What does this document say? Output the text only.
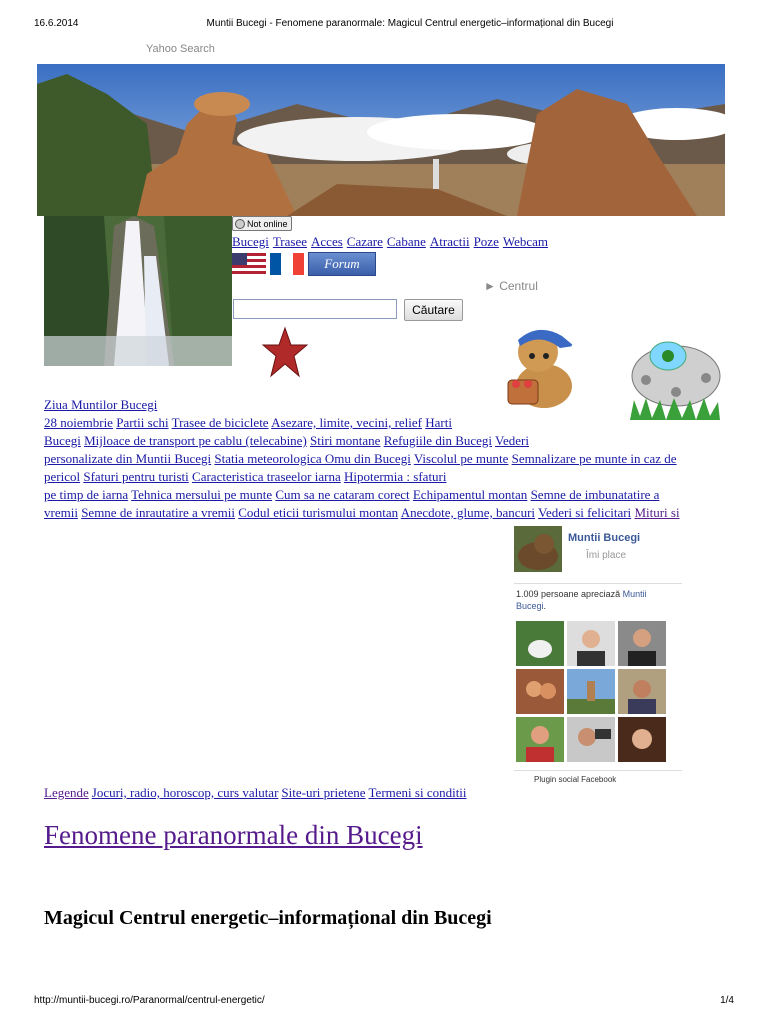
16.6.2014	Muntii Bucegi - Fenomene paranormale: Magicul Centrul energetic–informațional din Bucegi
Yahoo Search
Not online
Bucegi Trasee Acces Cazare Cabane Atractii Poze Webcam
Forum
► Centrul
Căutare
Ziua Muntilor Bucegi
28 noiembrie Partii schi Trasee de biciclete Asezare, limite, vecini, relief Harti
Bucegi Mijloace de transport pe cablu (telecabine) Stiri montane Refugiile din Bucegi Vederi
personalizate din Muntii Bucegi Statia meteorologica Omu din Bucegi Viscolul pe munte Semnalizare pe munte in caz de
pericol Sfaturi pentru turisti Caracteristica traseelor iarna Hipotermia : sfaturi
pe timp de iarna Tehnica mersului pe munte Cum sa ne cataram corect Echipamentul montan Semne de imbunatatire a
vremii Semne de inrautatire a vremii Codul eticii turismului montan Anecdote, glume, bancuri Vederi si felicitari Mituri si
Muntii Bucegi
Îmi place
1.009 persoane apreciază Muntii Bucegi.
Plugin social Facebook
Legende Jocuri, radio, horoscop, curs valutar Site-uri prietene Termeni si conditii
Fenomene paranormale din Bucegi
Magicul Centrul energetic–informațional din Bucegi
http://muntii-bucegi.ro/Paranormal/centrul-energetic/	1/4
